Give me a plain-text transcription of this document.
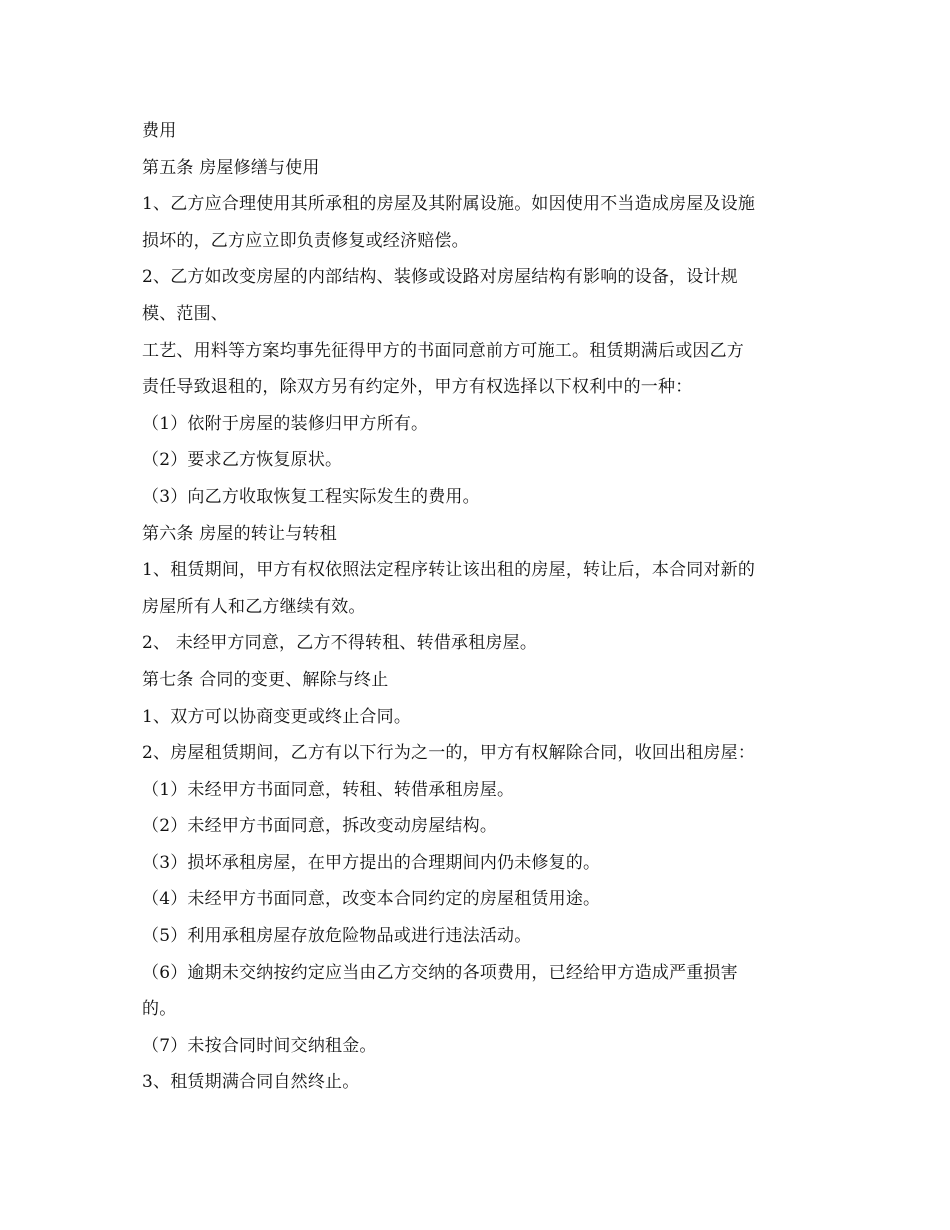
费用
第五条 房屋修缮与使用
1、乙方应合理使用其所承租的房屋及其附属设施。如因使用不当造成房屋及设施
损坏的，乙方应立即负责修复或经济赔偿。
2、乙方如改变房屋的内部结构、装修或设路对房屋结构有影响的设备，设计规
模、范围、
工艺、用料等方案均事先征得甲方的书面同意前方可施工。租赁期满后或因乙方
责任导致退租的，除双方另有约定外，甲方有权选择以下权利中的一种：
（1）依附于房屋的装修归甲方所有。
（2）要求乙方恢复原状。
（3）向乙方收取恢复工程实际发生的费用。
第六条 房屋的转让与转租
1、租赁期间，甲方有权依照法定程序转让该出租的房屋，转让后，本合同对新的
房屋所有人和乙方继续有效。
2、 未经甲方同意，乙方不得转租、转借承租房屋。
第七条 合同的变更、解除与终止
1、双方可以协商变更或终止合同。
2、房屋租赁期间，乙方有以下行为之一的，甲方有权解除合同，收回出租房屋：
（1）未经甲方书面同意，转租、转借承租房屋。
（2）未经甲方书面同意，拆改变动房屋结构。
（3）损坏承租房屋，在甲方提出的合理期间内仍未修复的。
（4）未经甲方书面同意，改变本合同约定的房屋租赁用途。
（5）利用承租房屋存放危险物品或进行违法活动。
（6）逾期未交纳按约定应当由乙方交纳的各项费用，已经给甲方造成严重损害
的。
（7）未按合同时间交纳租金。
3、租赁期满合同自然终止。
